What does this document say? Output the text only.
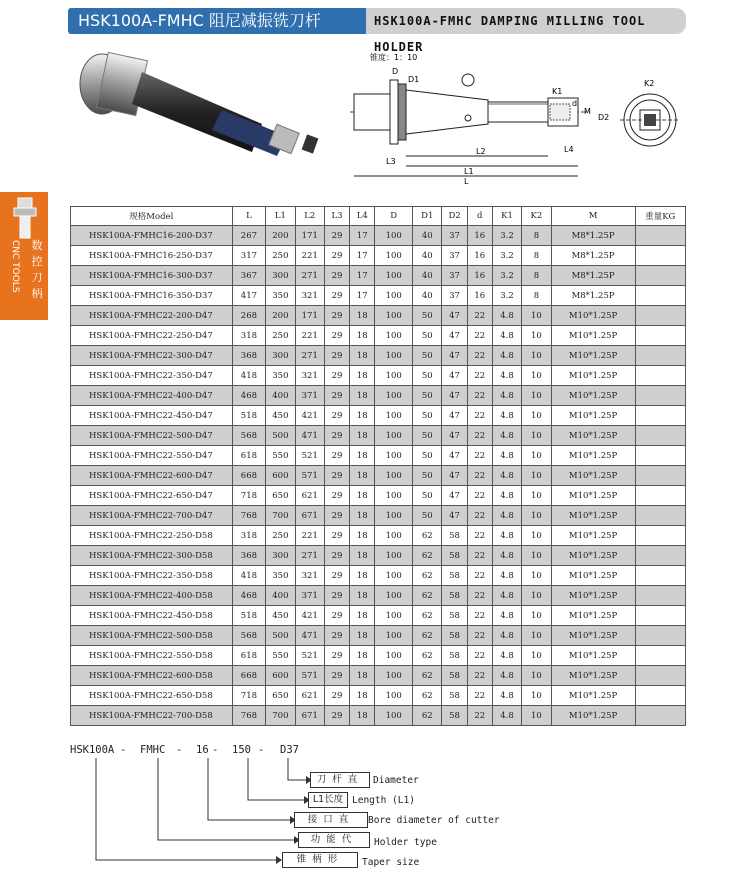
HSK100A-FMHC 阻尼减振铣刀杆	HSK100A-FMHC DAMPING MILLING TOOL HOLDER
数
控
刀
柄
CNC TOOLS
锥度：1：10
L1
L
L2
L3
L4
D
D1
K1
M
D2
d
K2
规格Model	L	L1	L2	L3	L4	D	D1	D2	d	K1	K2	M	重量KG
HSK100A-FMHC16-200-D37	267	200	171	29	17	100	40	37	16	3.2	8	M8*1.25P	
HSK100A-FMHC16-250-D37	317	250	221	29	17	100	40	37	16	3.2	8	M8*1.25P	
HSK100A-FMHC16-300-D37	367	300	271	29	17	100	40	37	16	3.2	8	M8*1.25P	
HSK100A-FMHC16-350-D37	417	350	321	29	17	100	40	37	16	3.2	8	M8*1.25P	
HSK100A-FMHC22-200-D47	268	200	171	29	18	100	50	47	22	4.8	10	M10*1.25P	
HSK100A-FMHC22-250-D47	318	250	221	29	18	100	50	47	22	4.8	10	M10*1.25P	
HSK100A-FMHC22-300-D47	368	300	271	29	18	100	50	47	22	4.8	10	M10*1.25P	
HSK100A-FMHC22-350-D47	418	350	321	29	18	100	50	47	22	4.8	10	M10*1.25P	
HSK100A-FMHC22-400-D47	468	400	371	29	18	100	50	47	22	4.8	10	M10*1.25P	
HSK100A-FMHC22-450-D47	518	450	421	29	18	100	50	47	22	4.8	10	M10*1.25P	
HSK100A-FMHC22-500-D47	568	500	471	29	18	100	50	47	22	4.8	10	M10*1.25P	
HSK100A-FMHC22-550-D47	618	550	521	29	18	100	50	47	22	4.8	10	M10*1.25P	
HSK100A-FMHC22-600-D47	668	600	571	29	18	100	50	47	22	4.8	10	M10*1.25P	
HSK100A-FMHC22-650-D47	718	650	621	29	18	100	50	47	22	4.8	10	M10*1.25P	
HSK100A-FMHC22-700-D47	768	700	671	29	18	100	50	47	22	4.8	10	M10*1.25P	
HSK100A-FMHC22-250-D58	318	250	221	29	18	100	62	58	22	4.8	10	M10*1.25P	
HSK100A-FMHC22-300-D58	368	300	271	29	18	100	62	58	22	4.8	10	M10*1.25P	
HSK100A-FMHC22-350-D58	418	350	321	29	18	100	62	58	22	4.8	10	M10*1.25P	
HSK100A-FMHC22-400-D58	468	400	371	29	18	100	62	58	22	4.8	10	M10*1.25P	
HSK100A-FMHC22-450-D58	518	450	421	29	18	100	62	58	22	4.8	10	M10*1.25P	
HSK100A-FMHC22-500-D58	568	500	471	29	18	100	62	58	22	4.8	10	M10*1.25P	
HSK100A-FMHC22-550-D58	618	550	521	29	18	100	62	58	22	4.8	10	M10*1.25P	
HSK100A-FMHC22-600-D58	668	600	571	29	18	100	62	58	22	4.8	10	M10*1.25P	
HSK100A-FMHC22-650-D58	718	650	621	29	18	100	62	58	22	4.8	10	M10*1.25P	
HSK100A-FMHC22-700-D58	768	700	671	29	18	100	62	58	22	4.8	10	M10*1.25P	
HSK100A - FMHC - 16 - 150 - D37
刀杆直	Diameter
L1长度 Length (L1)
接口直	Bore diameter of cutter
功能代	Holder type
锥柄形	Taper size
